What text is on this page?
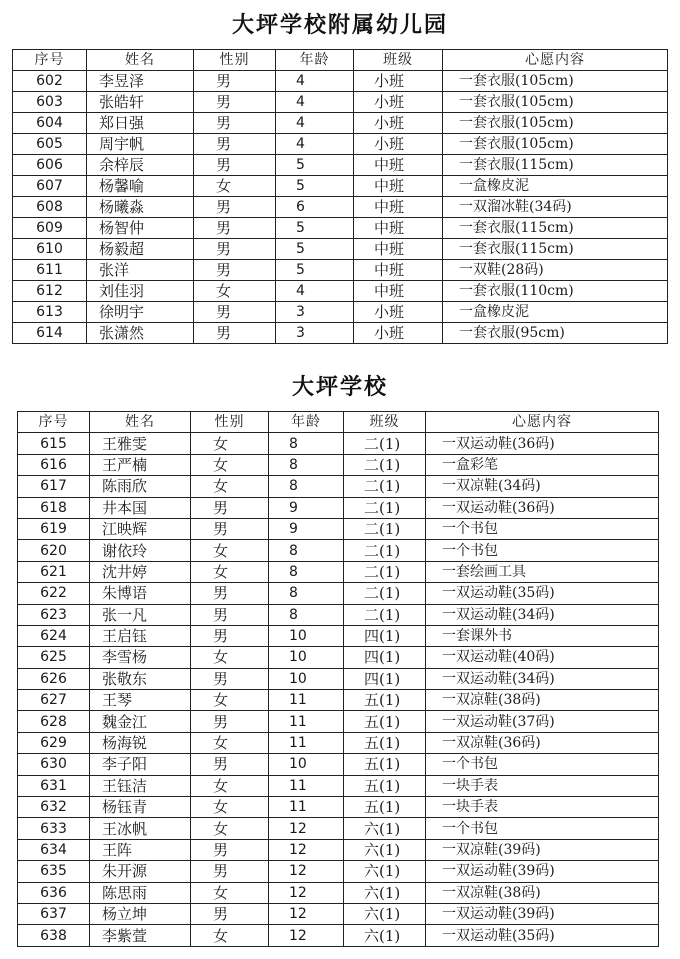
大坪学校附属幼儿园
序号	姓名	性别	年龄	班级	心愿内容
602	李昱泽	男	4	小班	一套衣服(105cm)
603	张皓轩	男	4	小班	一套衣服(105cm)
604	郑日强	男	4	小班	一套衣服(105cm)
605	周宇帆	男	4	小班	一套衣服(105cm)
606	余梓辰	男	5	中班	一套衣服(115cm)
607	杨馨喻	女	5	中班	一盒橡皮泥
608	杨曦淼	男	6	中班	一双溜冰鞋(34码)
609	杨智仲	男	5	中班	一套衣服(115cm)
610	杨毅超	男	5	中班	一套衣服(115cm)
611	张洋	男	5	中班	一双鞋(28码)
612	刘佳羽	女	4	中班	一套衣服(110cm)
613	徐明宇	男	3	小班	一盒橡皮泥
614	张潇然	男	3	小班	一套衣服(95cm)
大坪学校
序号	姓名	性别	年龄	班级	心愿内容
615	王雅雯	女	8	二(1)	一双运动鞋(36码)
616	王严楠	女	8	二(1)	一盒彩笔
617	陈雨欣	女	8	二(1)	一双凉鞋(34码)
618	井本国	男	9	二(1)	一双运动鞋(36码)
619	江映辉	男	9	二(1)	一个书包
620	谢依玲	女	8	二(1)	一个书包
621	沈井婷	女	8	二(1)	一套绘画工具
622	朱博语	男	8	二(1)	一双运动鞋(35码)
623	张一凡	男	8	二(1)	一双运动鞋(34码)
624	王启钰	男	10	四(1)	一套课外书
625	李雪杨	女	10	四(1)	一双运动鞋(40码)
626	张敬东	男	10	四(1)	一双运动鞋(34码)
627	王琴	女	11	五(1)	一双凉鞋(38码)
628	魏金江	男	11	五(1)	一双运动鞋(37码)
629	杨海锐	女	11	五(1)	一双凉鞋(36码)
630	李子阳	男	10	五(1)	一个书包
631	王钰洁	女	11	五(1)	一块手表
632	杨钰青	女	11	五(1)	一块手表
633	王冰帆	女	12	六(1)	一个书包
634	王阵	男	12	六(1)	一双凉鞋(39码)
635	朱开源	男	12	六(1)	一双运动鞋(39码)
636	陈思雨	女	12	六(1)	一双凉鞋(38码)
637	杨立坤	男	12	六(1)	一双运动鞋(39码)
638	李紫萱	女	12	六(1)	一双运动鞋(35码)
